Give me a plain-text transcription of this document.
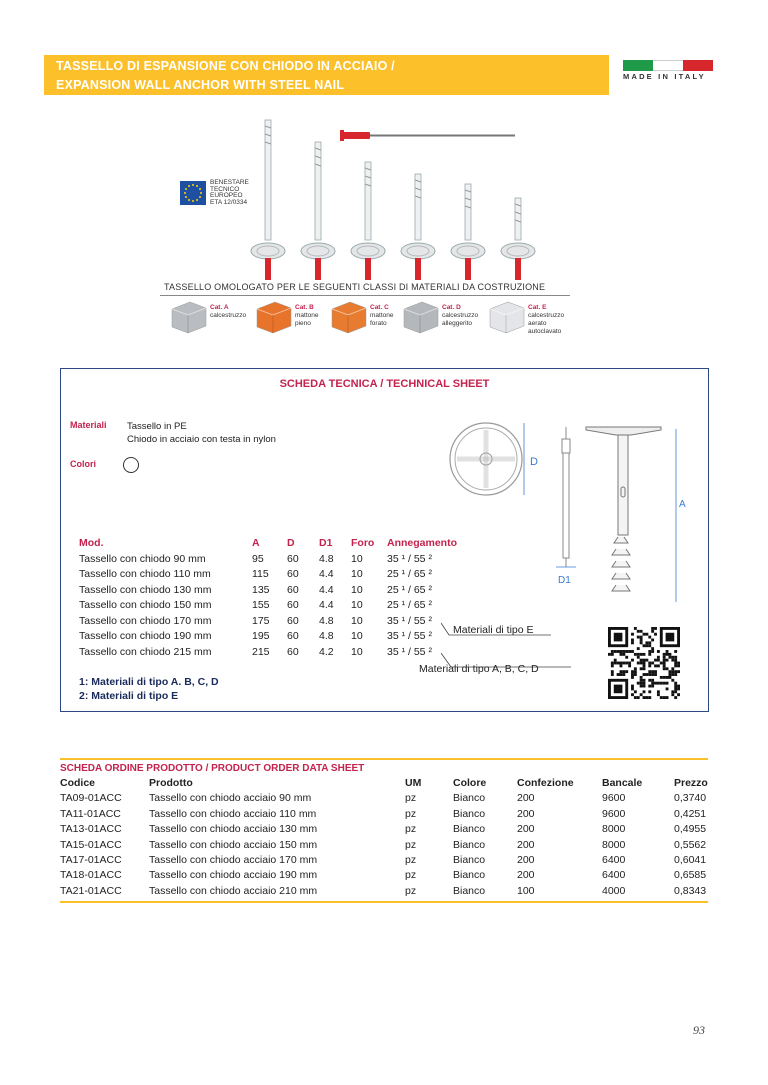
TASSELLO DI ESPANSIONE CON CHIODO IN ACCIAIO /
EXPANSION WALL ANCHOR WITH STEEL NAIL
MADE IN ITALY
BENESTARE
TECNICO
EUROPEO
ETA 12/0334
TASSELLO OMOLOGATO PER LE SEGUENTI CLASSI DI MATERIALI DA COSTRUZIONE
Cat. A
calcestruzzo
Cat. B
mattone
pieno
Cat. C
mattone
forato
Cat. D
calcestruzzo
alleggerito
Cat. E
calcestruzzo
aerato autoclavato
SCHEDA TECNICA / TECHNICAL SHEET
Materiali Tassello in PE
Chiodo in acciaio con testa in nylon
Colori	D
D1
A
Mod.	A	D D1 Foro Annegamento
Tassello con chiodo 90 mm	95 60 4.8 10 35 ¹ / 55 ²
Tassello con chiodo 110 mm	115 60 4.4 10 25 ¹ / 65 ²
Tassello con chiodo 130 mm	135 60 4.4 10 25 ¹ / 65 ²
Tassello con chiodo 150 mm	155 60 4.4 10 25 ¹ / 65 ²
Tassello con chiodo 170 mm	175 60 4.8 10 35 ¹ / 55 ²
Tassello con chiodo 190 mm	195 60 4.8 10 35 ¹ / 55 ²
Tassello con chiodo 215 mm	215 60 4.2 10 35 ¹ / 55 ²
Materiali di tipo E
Materiali di tipo A, B, C, D
1: Materiali di tipo A. B, C, D
2: Materiali di tipo E
SCHEDA ORDINE PRODOTTO / PRODUCT ORDER DATA SHEET
Codice	Prodotto	UM	Colore	Confezione	Bancale	Prezzo
TA09-01ACC	Tassello con chiodo acciaio 90 mm	pz	Bianco	200	9600	0,3740
TA11-01ACC	Tassello con chiodo acciaio 110 mm	pz	Bianco	200	9600	0,4251
TA13-01ACC	Tassello con chiodo acciaio 130 mm	pz	Bianco	200	8000	0,4955
TA15-01ACC	Tassello con chiodo acciaio 150 mm	pz	Bianco	200	8000	0,5562
TA17-01ACC	Tassello con chiodo acciaio 170 mm	pz	Bianco	200	6400	0,6041
TA18-01ACC	Tassello con chiodo acciaio 190 mm	pz	Bianco	200	6400	0,6585
TA21-01ACC	Tassello con chiodo acciaio 210 mm	pz	Bianco	100	4000	0,8343
93
